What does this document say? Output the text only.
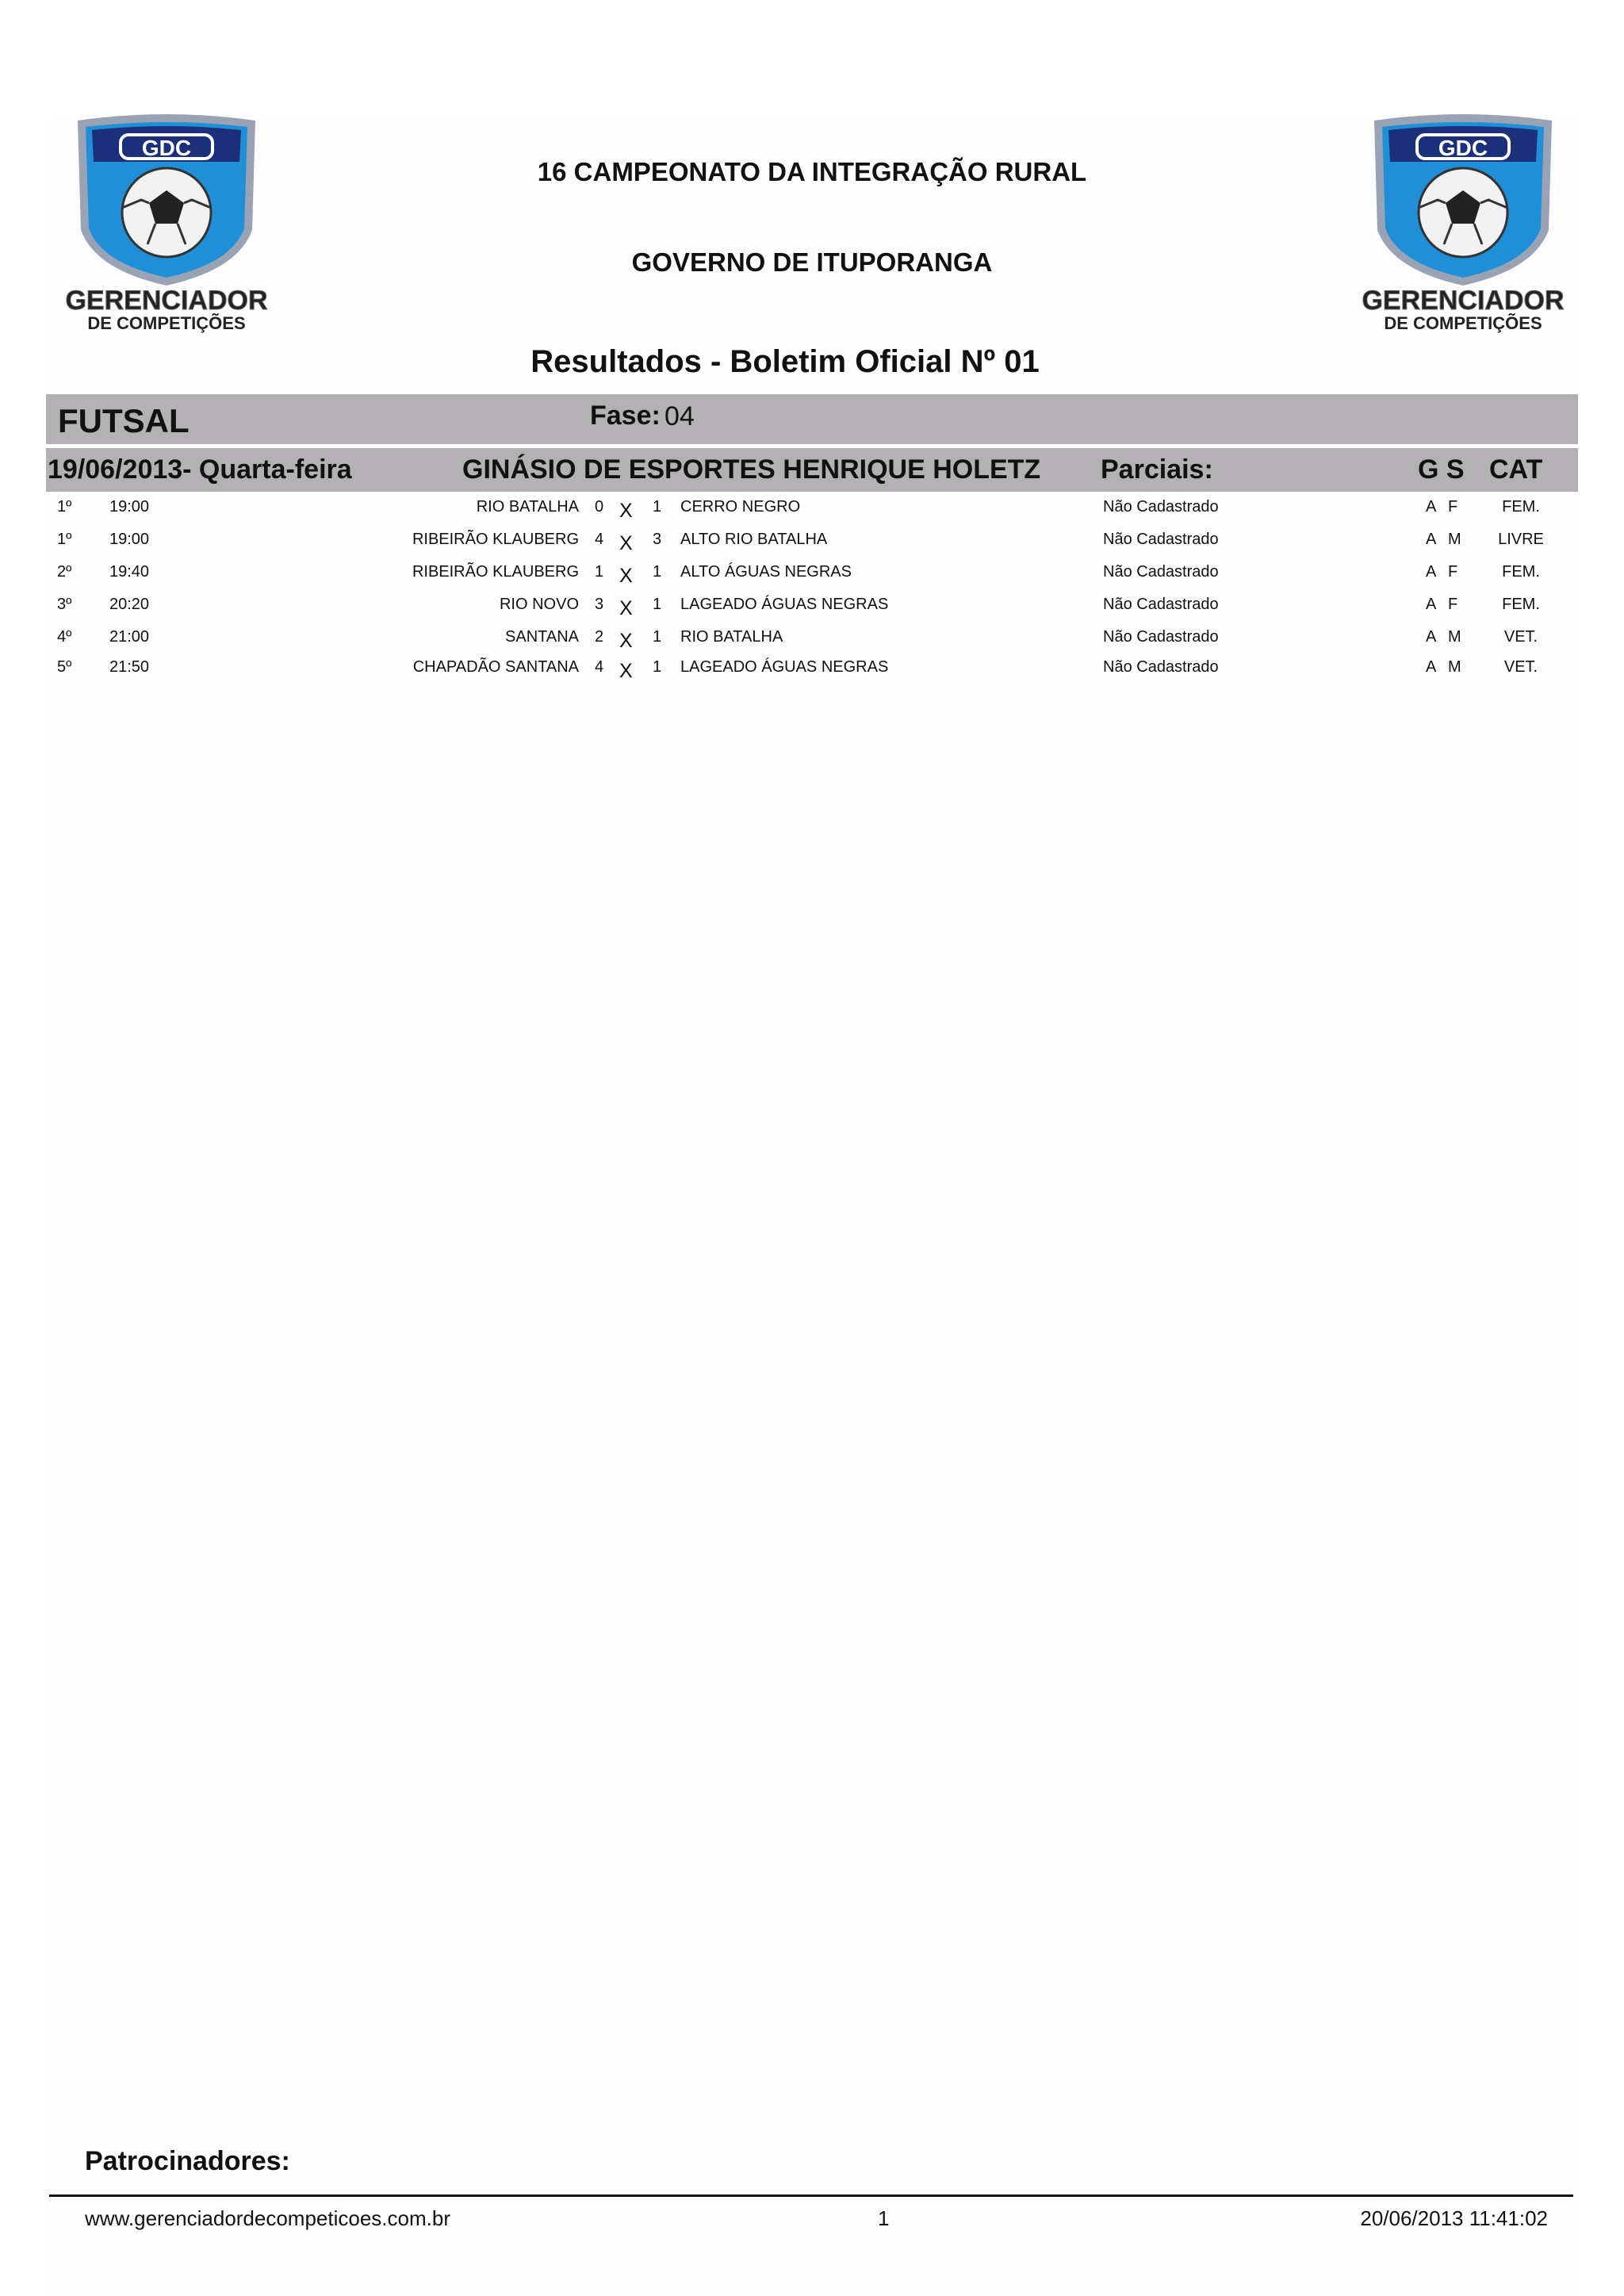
GDC
GERENCIADOR
DE COMPETIÇÕES
GDC
GERENCIADOR
DE COMPETIÇÕES
16 CAMPEONATO DA INTEGRAÇÃO RURAL
GOVERNO DE ITUPORANGA
Resultados - Boletim Oficial Nº 01
FUTSAL	Fase: 04
19/06/2013- Quarta-feira	GINÁSIO DE ESPORTES HENRIQUE HOLETZ Parciais:	G S CAT
1º 19:00	RIO BATALHA 0 X 1 CERRO NEGRO	Não Cadastrado	A F	FEM.
1º 19:00	RIBEIRÃO KLAUBERG 4 X 3 ALTO RIO BATALHA	Não Cadastrado	A M LIVRE
2º 19:40	RIBEIRÃO KLAUBERG 1 X 1 ALTO ÁGUAS NEGRAS	Não Cadastrado	A F	FEM.
3º 20:20	RIO NOVO 3 X 1 LAGEADO ÁGUAS NEGRAS	Não Cadastrado	A F	FEM.
4º 21:00	SANTANA 2 X 1 RIO BATALHA	Não Cadastrado	A M	VET.
5º 21:50	CHAPADÃO SANTANA 4 X 1 LAGEADO ÁGUAS NEGRAS	Não Cadastrado	A M	VET.
Patrocinadores:
www.gerenciadordecompeticoes.com.br	1	20/06/2013 11:41:02
